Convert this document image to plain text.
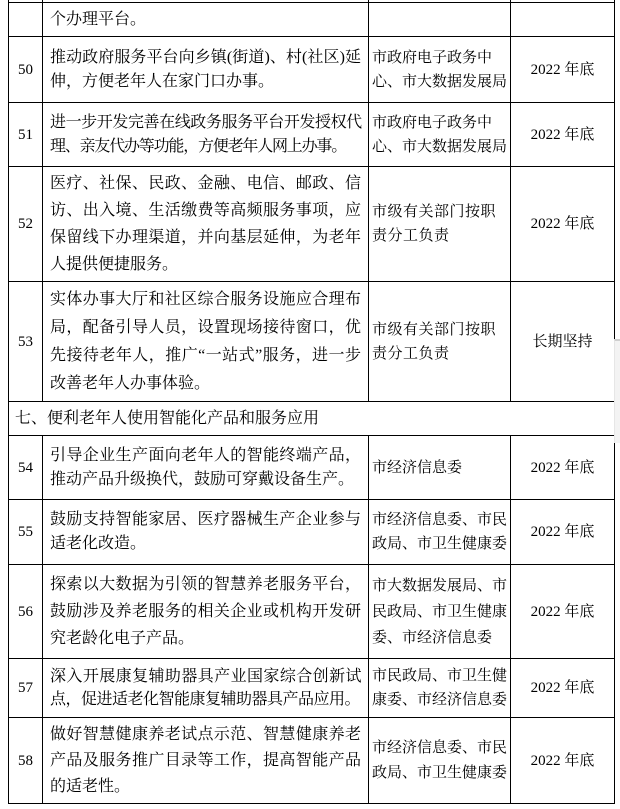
	个办理平台。		
50	推动政府服务平台向乡镇(街道)、村(社区)延伸，方便老年人在家门口办事。	市政府电子政务中心、市大数据发展局	2022 年底
51	进一步开发完善在线政务服务平台开发授权代理、亲友代办等功能，方便老年人网上办事。	市政府电子政务中心、市大数据发展局	2022 年底
52	医疗、社保、民政、金融、电信、邮政、信访、出入境、生活缴费等高频服务事项，应保留线下办理渠道，并向基层延伸，为老年人提供便捷服务。	市级有关部门按职责分工负责	2022 年底
53	实体办事大厅和社区综合服务设施应合理布局，配备引导人员，设置现场接待窗口，优先接待老年人，推广“一站式”服务，进一步改善老年人办事体验。	市级有关部门按职责分工负责	长期坚持
七、便利老年人使用智能化产品和服务应用			
54	引导企业生产面向老年人的智能终端产品，推动产品升级换代，鼓励可穿戴设备生产。	市经济信息委	2022 年底
55	鼓励支持智能家居、医疗器械生产企业参与适老化改造。	市经济信息委、市民政局、市卫生健康委	2022 年底
56	探索以大数据为引领的智慧养老服务平台，鼓励涉及养老服务的相关企业或机构开发研究老龄化电子产品。	市大数据发展局、市民政局、市卫生健康委、市经济信息委	2022 年底
57	深入开展康复辅助器具产业国家综合创新试点，促进适老化智能康复辅助器具产品应用。	市民政局、市卫生健康委、市经济信息委	2022 年底
58	做好智慧健康养老试点示范、智慧健康养老产品及服务推广目录等工作，提高智能产品的适老性。	市经济信息委、市民政局、市卫生健康委	2022 年底
